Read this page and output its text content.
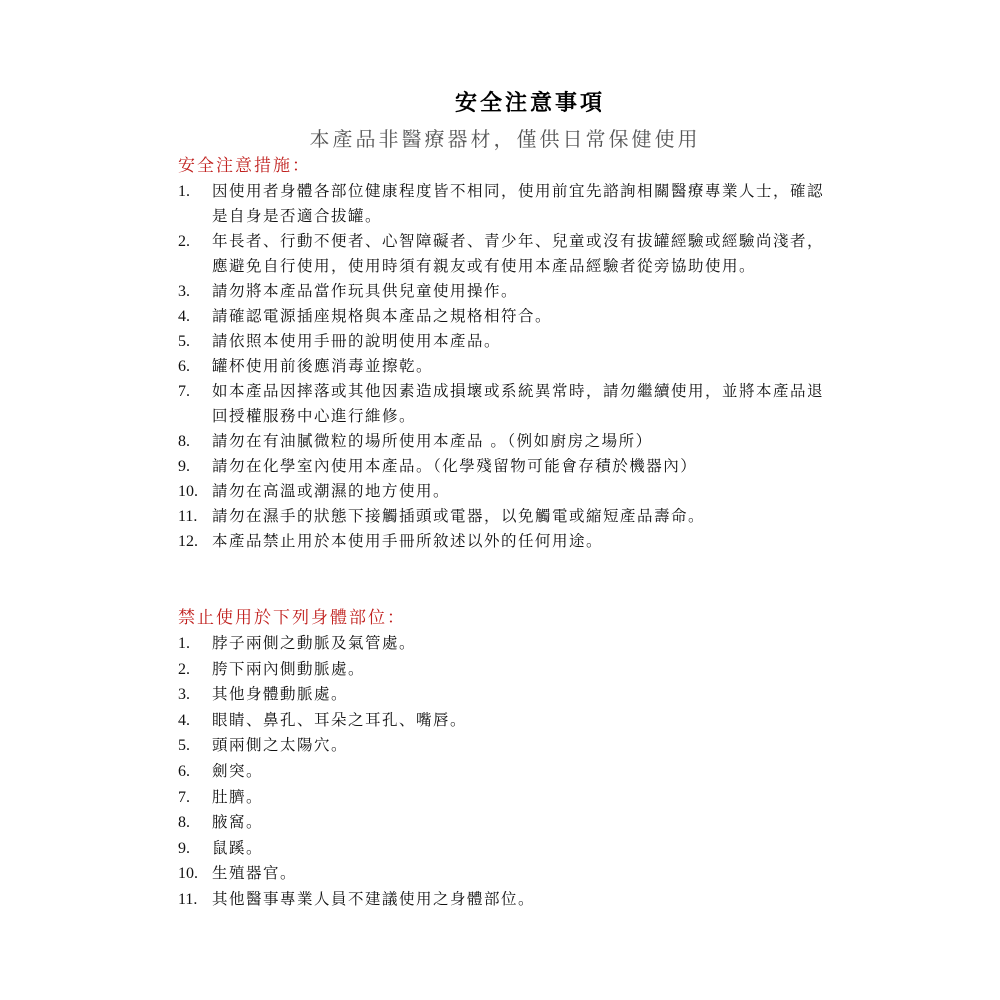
安全注意事項
本產品非醫療器材，僅供日常保健使用
安全注意措施：
1.	因使用者身體各部位健康程度皆不相同，使用前宜先諮詢相關醫療專業人士，確認是自身是否適合拔罐。
2.	年長者、行動不便者、心智障礙者、青少年、兒童或沒有拔罐經驗或經驗尚淺者，應避免自行使用，使用時須有親友或有使用本產品經驗者從旁協助使用。
3.	請勿將本產品當作玩具供兒童使用操作。
4.	請確認電源插座規格與本產品之規格相符合。
5.	請依照本使用手冊的說明使用本產品。
6.	罐杯使用前後應消毒並擦乾。
7.	如本產品因摔落或其他因素造成損壞或系統異常時，請勿繼續使用，並將本產品退回授權服務中心進行維修。
8.	請勿在有油膩微粒的場所使用本產品 。（例如廚房之場所）
9.	請勿在化學室內使用本產品。（化學殘留物可能會存積於機器內）
10. 請勿在高溫或潮濕的地方使用。
11. 請勿在濕手的狀態下接觸插頭或電器，以免觸電或縮短產品壽命。
12. 本產品禁止用於本使用手冊所敘述以外的任何用途。
禁止使用於下列身體部位：
1.	脖子兩側之動脈及氣管處。
2.	胯下兩內側動脈處。
3.	其他身體動脈處。
4.	眼睛、鼻孔、耳朵之耳孔、嘴唇。
5.	頭兩側之太陽穴。
6.	劍突。
7.	肚臍。
8.	腋窩。
9.	鼠蹊。
10. 生殖器官。
11. 其他醫事專業人員不建議使用之身體部位。
